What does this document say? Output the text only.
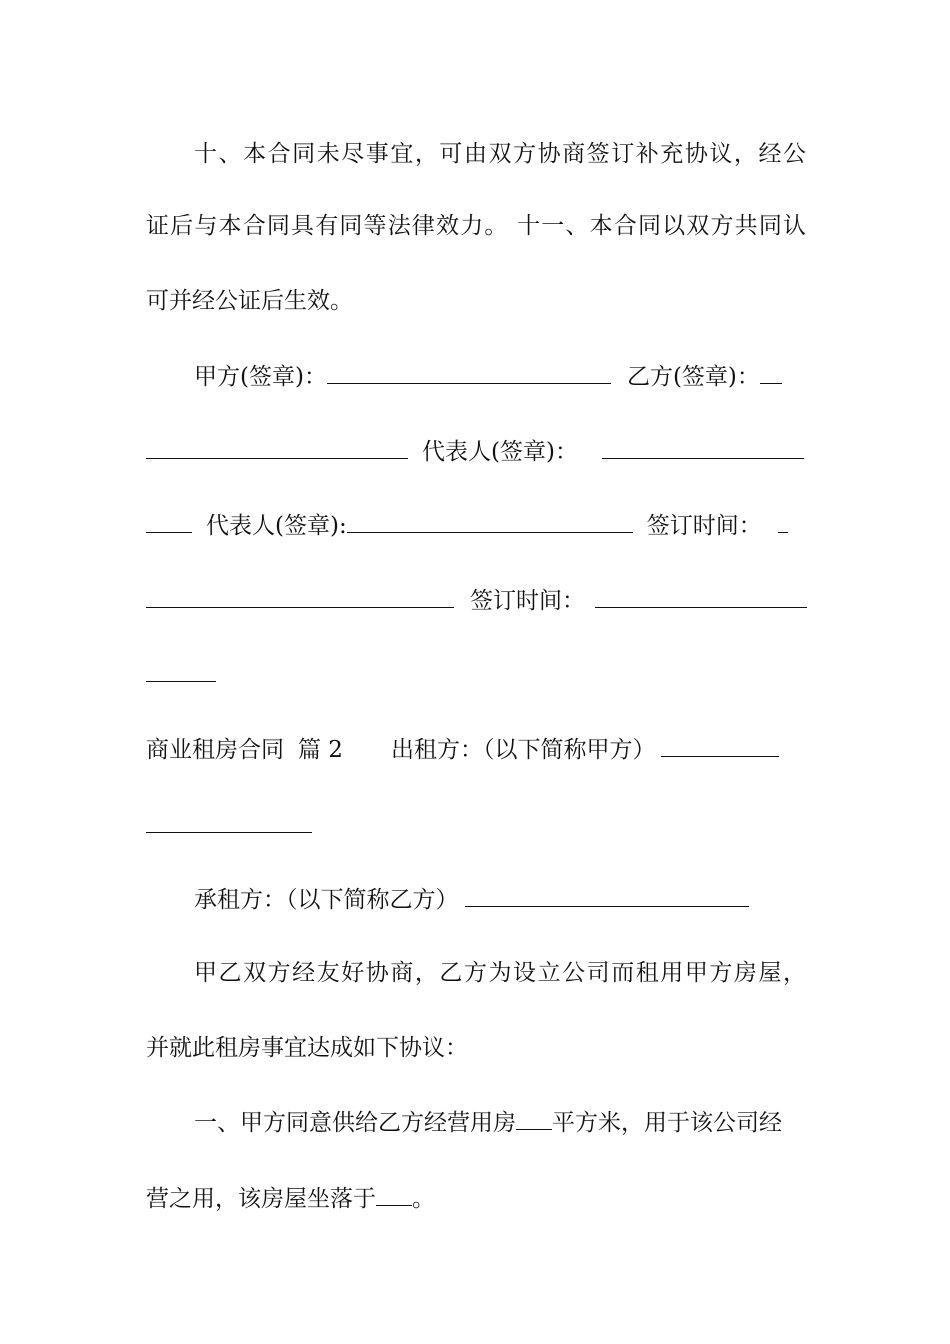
十、本合同未尽事宜，可由双方协商签订补充协议，经公
证后与本合同具有同等法律效力。 十一、本合同以双方共同认
可并经公证后生效。
甲方(签章)：	乙方(签章)：
代表人(签章)：
代表人(签章):	签订时间：
签订时间：
商业租房合同 篇 2 出租方：（以下简称甲方）
承租方：（以下简称乙方）
甲乙双方经友好协商，乙方为设立公司而租用甲方房屋，
并就此租房事宜达成如下协议：
一、甲方同意供给乙方经营用房 平方米，用于该公司经
营之用，该房屋坐落于 。
